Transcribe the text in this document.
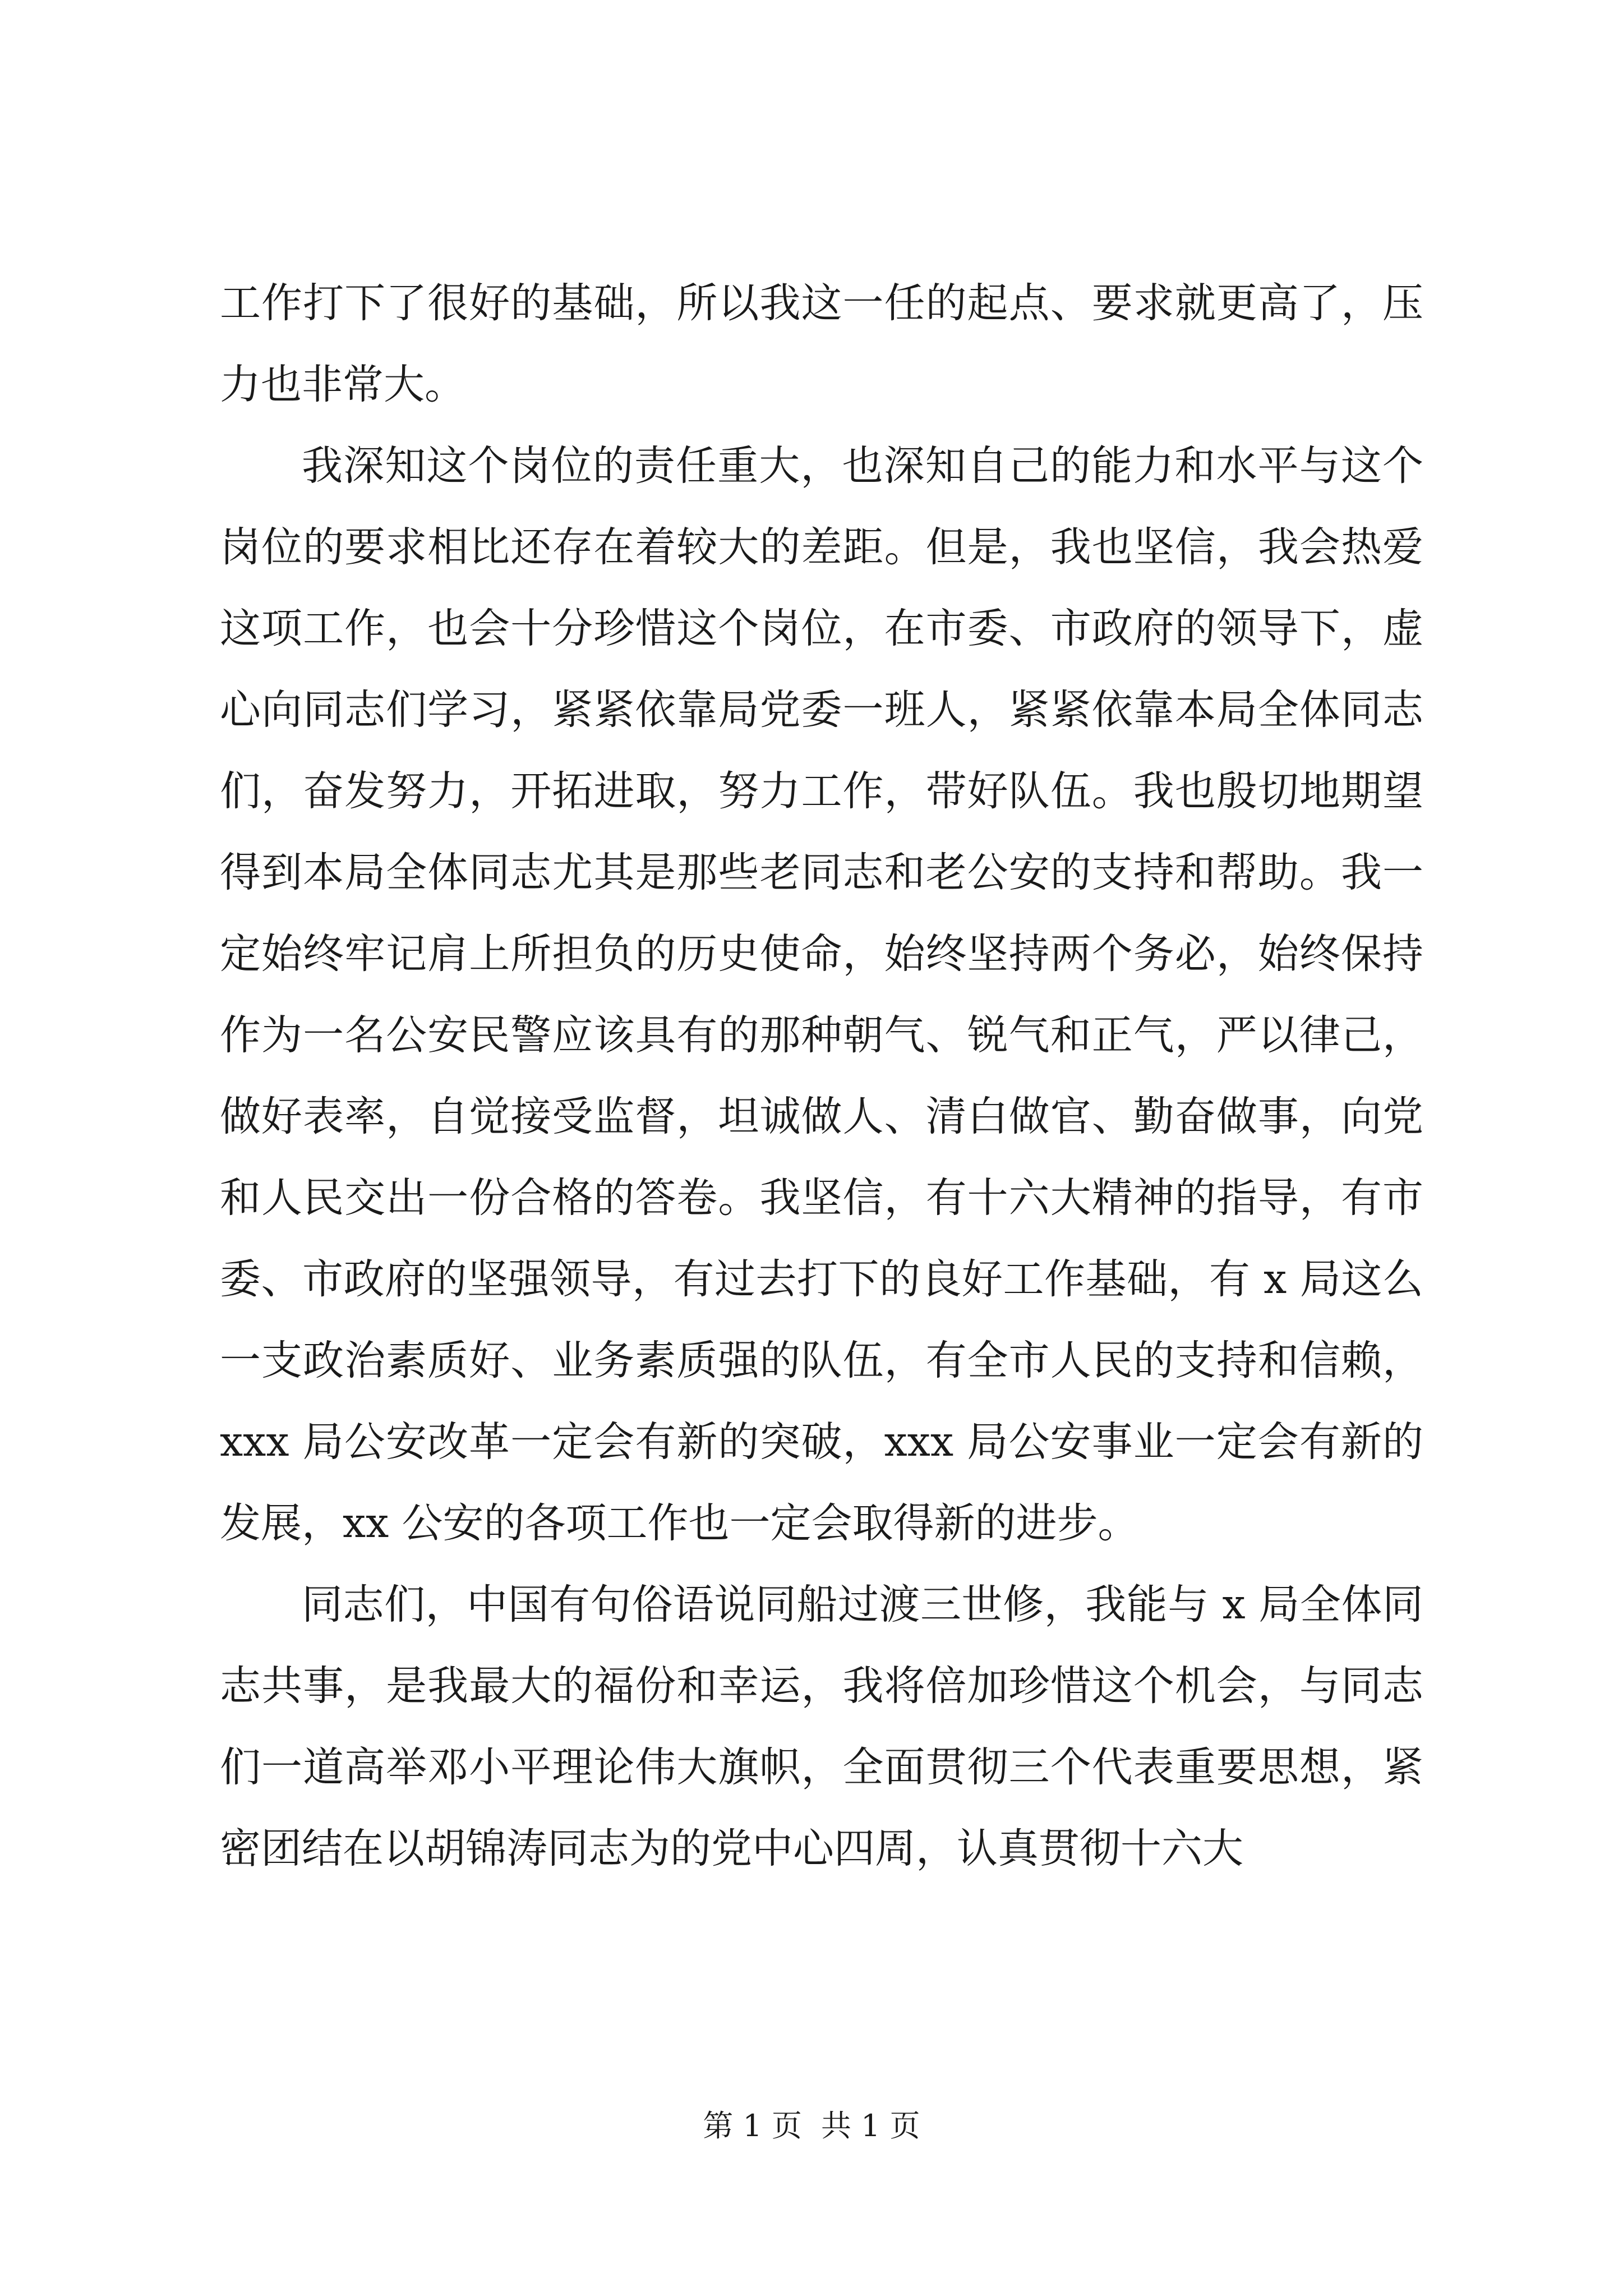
工作打下了很好的基础，所以我这一任的起点、要求就更高了，压力也非常大。

我深知这个岗位的责任重大，也深知自己的能力和水平与这个岗位的要求相比还存在着较大的差距。但是，我也坚信，我会热爱这项工作，也会十分珍惜这个岗位，在市委、市政府的领导下，虚心向同志们学习，紧紧依靠局党委一班人，紧紧依靠本局全体同志们，奋发努力，开拓进取，努力工作，带好队伍。我也殷切地期望得到本局全体同志尤其是那些老同志和老公安的支持和帮助。我一定始终牢记肩上所担负的历史使命，始终坚持两个务必，始终保持作为一名公安民警应该具有的那种朝气、锐气和正气，严以律己，做好表率，自觉接受监督，坦诚做人、清白做官、勤奋做事，向党和人民交出一份合格的答卷。我坚信，有十六大精神的指导，有市委、市政府的坚强领导，有过去打下的良好工作基础，有 x 局这么一支政治素质好、业务素质强的队伍，有全市人民的支持和信赖，xxx 局公安改革一定会有新的突破，xxx 局公安事业一定会有新的发展，xx 公安的各项工作也一定会取得新的进步。

同志们，中国有句俗语说同船过渡三世修，我能与 x 局全体同志共事，是我最大的福份和幸运，我将倍加珍惜这个机会，与同志们一道高举邓小平理论伟大旗帜，全面贯彻三个代表重要思想，紧密团结在以胡锦涛同志为的党中心四周，认真贯彻十六大

第 1 页 共 1 页
